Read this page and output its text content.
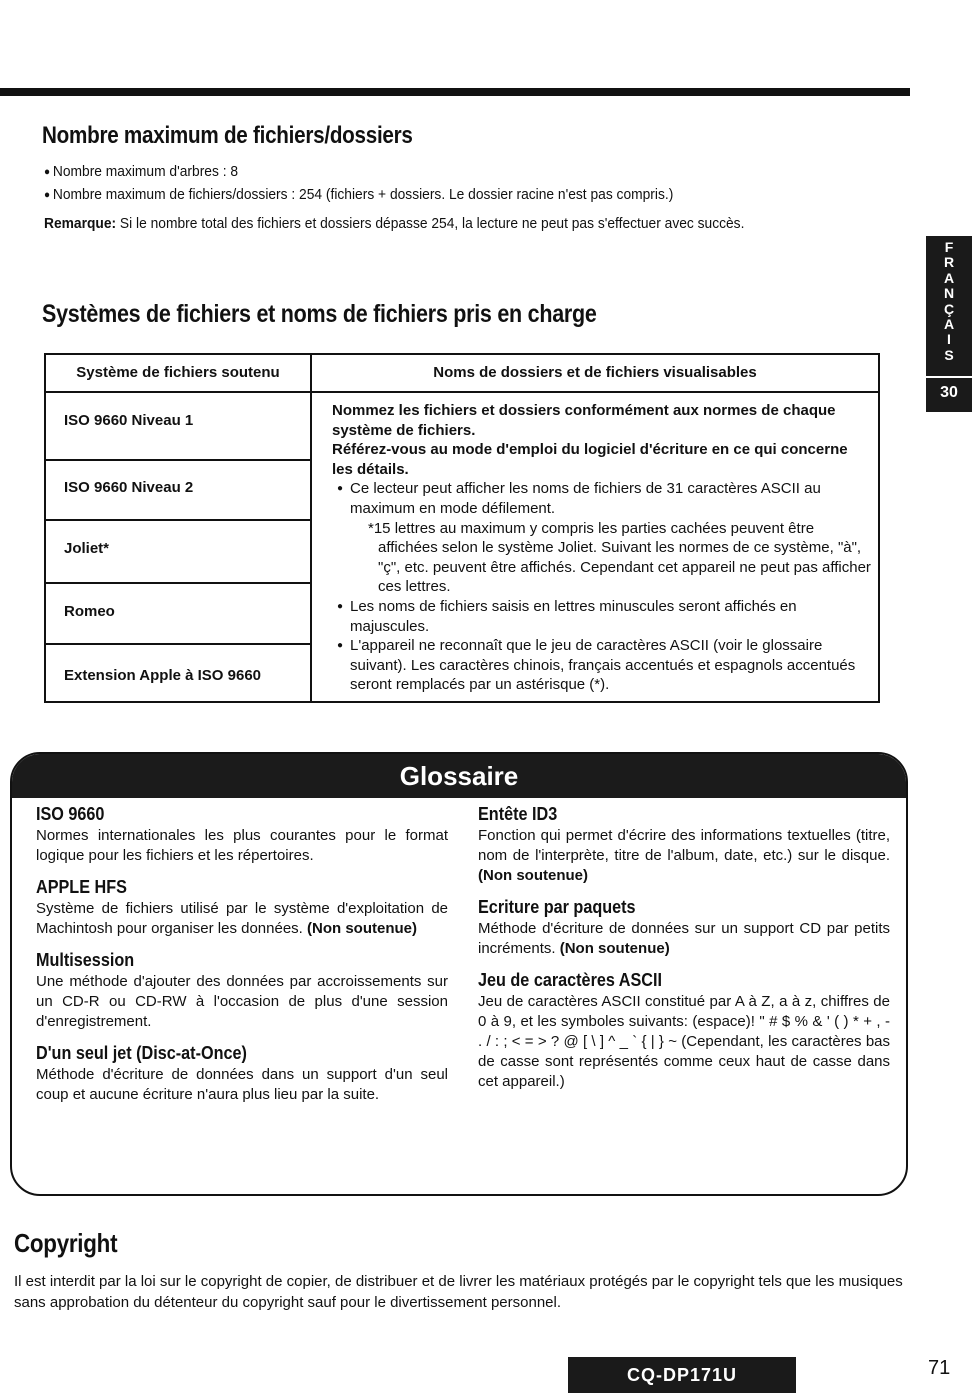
Nombre maximum de fichiers/dossiers
● Nombre maximum d'arbres : 8
● Nombre maximum de fichiers/dossiers : 254 (fichiers + dossiers. Le dossier racine n'est pas compris.)
Remarque: Si le nombre total des fichiers et dossiers dépasse 254, la lecture ne peut pas s'effectuer avec succès.
F
R
A
N
Ç
A
I
S
30
Systèmes de fichiers et noms de fichiers pris en charge
Système de fichiers soutenu	Noms de dossiers et de fichiers visualisables
ISO 9660 Niveau 1
ISO 9660 Niveau 2
Joliet*
Romeo
Extension Apple à ISO 9660

Nommez les fichiers et dossiers conformément aux normes de chaque système de fichiers.

Référez-vous au mode d'emploi du logiciel d'écriture en ce qui concerne les détails.

● Ce lecteur peut afficher les noms de fichiers de 31 caractères ASCII au maximum en mode défilement.
*15 lettres au maximum y compris les parties cachées peuvent être affichées selon le système Joliet. Suivant les normes de ce système, "à", "ç", etc. peuvent être affichés. Cependant cet appareil ne peut pas afficher ces lettres.
● Les noms de fichiers saisis en lettres minuscules seront affichés en majuscules.
● L'appareil ne reconnaît que le jeu de caractères ASCII (voir le glossaire suivant). Les caractères chinois, français accentués et espagnols accentués seront remplacés par un astérisque (*).
Glossaire
ISO 9660

Normes internationales les plus courantes pour le format logique pour les fichiers et les répertoires.

APPLE HFS

Système de fichiers utilisé par le système d'exploitation de Machintosh pour organiser les données. (Non soutenue)

Multisession

Une méthode d'ajouter des données par accroissements sur un CD-R ou CD-RW à l'occasion de plus d'une session d'enregistrement.

D'un seul jet (Disc-at-Once)

Méthode d'écriture de données dans un support d'un seul coup et aucune écriture n'aura plus lieu par la suite.

Entête ID3

Fonction qui permet d'écrire des informations textuelles (titre, nom de l'interprète, titre de l'album, date, etc.) sur le disque. (Non soutenue)

Ecriture par paquets

Méthode d'écriture de données sur un support CD par petits incréments. (Non soutenue)

Jeu de caractères ASCII

Jeu de caractères ASCII constitué par A à Z, a à z, chiffres de 0 à 9, et les symboles suivants: (espace)! " # $ % & ' ( ) * + , - . / : ; < = > ? @ [ \ ] ^ _ ` { | } ~ (Cependant, les caractères bas de casse sont représentés comme ceux haut de casse dans cet appareil.)

Copyright
Il est interdit par la loi sur le copyright de copier, de distribuer et de livrer les matériaux protégés par le copyright tels que les musiques sans approbation du détenteur du copyright sauf pour le divertissement personnel.
CQ-DP171U	71
